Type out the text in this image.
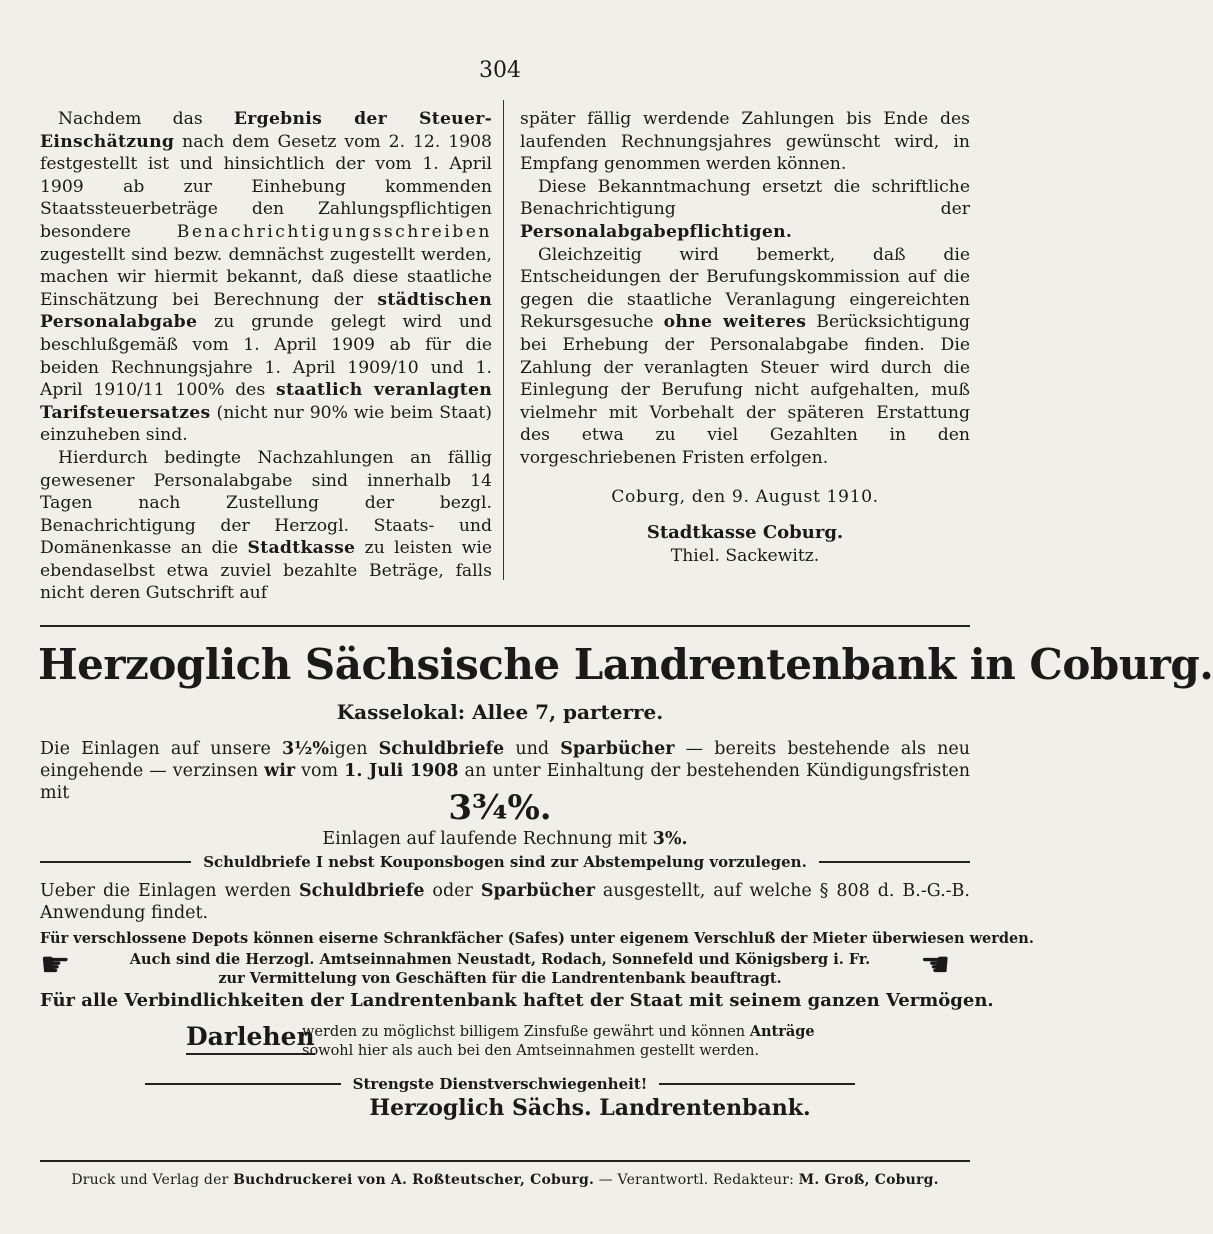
304

Nachdem das Ergebnis der Steuer-Einschätzung nach dem Gesetz vom 2. 12. 1908 festgestellt ist und hinsichtlich der vom 1. April 1909 ab zur Einhebung kommenden Staatssteuerbeträge den Zahlungspflichtigen besondere Benachrichtigungsschreiben zugestellt sind bezw. demnächst zugestellt werden, machen wir hiermit bekannt, daß diese staatliche Einschätzung bei Berechnung der städtischen Personalabgabe zu grunde gelegt wird und beschlußgemäß vom 1. April 1909 ab für die beiden Rechnungsjahre 1. April 1909/10 und 1. April 1910/11 100% des staatlich veranlagten Tarifsteuersatzes (nicht nur 90% wie beim Staat) einzuheben sind.

Hierdurch bedingte Nachzahlungen an fällig gewesener Personalabgabe sind innerhalb 14 Tagen nach Zustellung der bezgl. Benachrichtigung der Herzogl. Staats- und Domänenkasse an die Stadtkasse zu leisten wie ebendaselbst etwa zuviel bezahlte Beträge, falls nicht deren Gutschrift auf

später fällig werdende Zahlungen bis Ende des laufenden Rechnungsjahres gewünscht wird, in Empfang genommen werden können.

Diese Bekanntmachung ersetzt die schriftliche Benachrichtigung der Personalabgabepflichtigen.

Gleichzeitig wird bemerkt, daß die Entscheidungen der Berufungskommission auf die gegen die staatliche Veranlagung eingereichten Rekursgesuche ohne weiteres Berücksichtigung bei Erhebung der Personalabgabe finden. Die Zahlung der veranlagten Steuer wird durch die Einlegung der Berufung nicht aufgehalten, muß vielmehr mit Vorbehalt der späteren Erstattung des etwa zu viel Gezahlten in den vorgeschriebenen Fristen erfolgen.

Coburg, den 9. August 1910.

Stadtkasse Coburg.

Thiel. Sackewitz.

Herzoglich Sächsische Landrentenbank in Coburg.
Kasselokal: Allee 7, parterre.
Die Einlagen auf unsere 3½%igen Schuldbriefe und Sparbücher — bereits bestehende als neu eingehende — verzinsen wir vom 1. Juli 1908 an unter Einhaltung der bestehenden Kündigungsfristen mit	3¾%.
Einlagen auf laufende Rechnung mit 3%.
Schuldbriefe I nebst Kouponsbogen sind zur Abstempelung vorzulegen.
Ueber die Einlagen werden Schuldbriefe oder Sparbücher ausgestellt, auf welche § 808 d. B.-G.-B. Anwendung findet.
Für verschlossene Depots können eiserne Schrankfächer (Safes) unter eigenem Verschluß der Mieter überwiesen werden.
☛	Auch sind die Herzogl. Amtseinnahmen Neustadt, Rodach, Sonnefeld und Königsberg i. Fr.
zur Vermittelung von Geschäften für die Landrentenbank beauftragt.	☛
Für alle Verbindlichkeiten der Landrentenbank haftet der Staat mit seinem ganzen Vermögen.
Darlehen
werden zu möglichst billigem Zinsfuße gewährt und können Anträge sowohl hier als auch bei den Amtseinnahmen gestellt werden.
Strengste Dienstverschwiegenheit!
Herzoglich Sächs. Landrentenbank.
Druck und Verlag der Buchdruckerei von A. Roßteutscher, Coburg. — Verantwortl. Redakteur: M. Groß, Coburg.
